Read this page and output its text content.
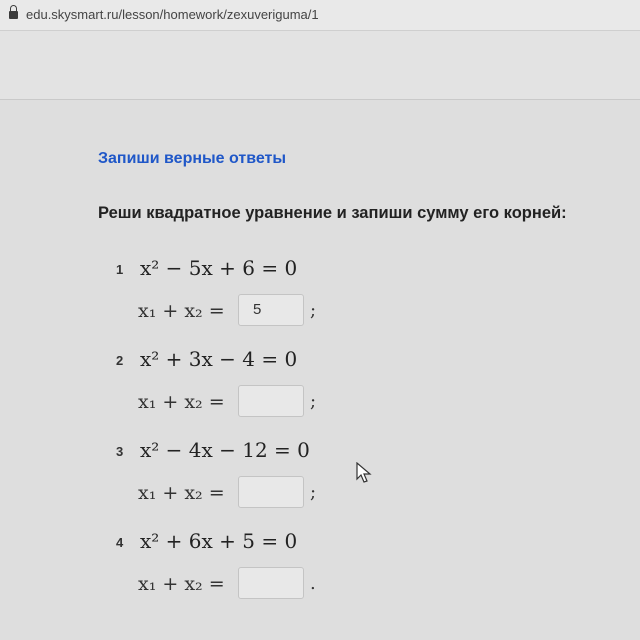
edu.skysmart.ru/lesson/homework/zexuveriguma/1
Запиши верные ответы
Реши квадратное уравнение и запиши сумму его корней:
1 x² − 5x + 6 = 0
x₁ + x₂ =	5	;
2 x² + 3x − 4 = 0
x₁ + x₂ =	;
3 x² − 4x − 12 = 0
x₁ + x₂ =	;
4 x² + 6x + 5 = 0
x₁ + x₂ =	.
